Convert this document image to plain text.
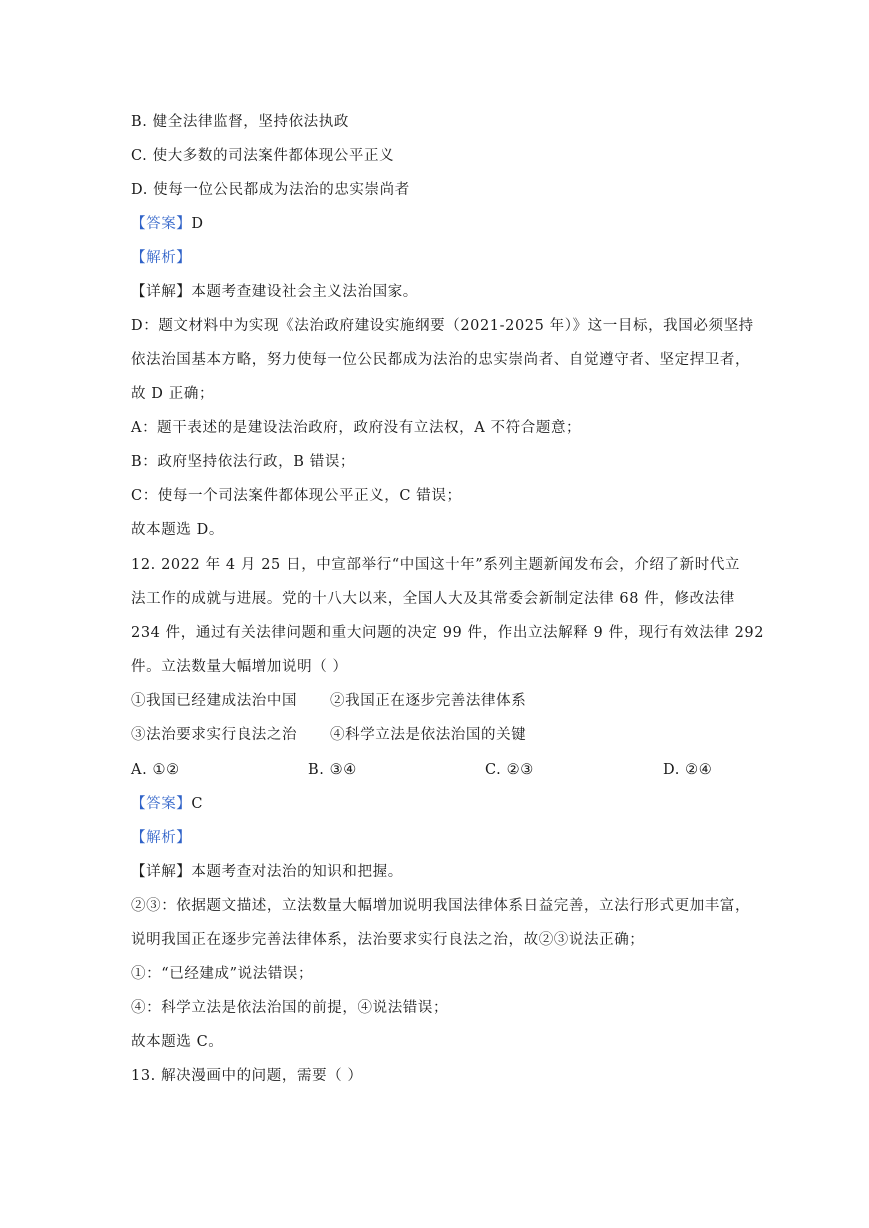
B. 健全法律监督，坚持依法执政
C. 使大多数的司法案件都体现公平正义
D. 使每一位公民都成为法治的忠实崇尚者
【答案】D
【解析】
【详解】本题考查建设社会主义法治国家。
D：题文材料中为实现《法治政府建设实施纲要（2021-2025 年）》这一目标，我国必须坚持
依法治国基本方略，努力使每一位公民都成为法治的忠实崇尚者、自觉遵守者、坚定捍卫者，
故 D 正确；
A：题干表述的是建设法治政府，政府没有立法权，A 不符合题意；
B：政府坚持依法行政，B 错误；
C：使每一个司法案件都体现公平正义，C 错误；
故本题选 D。
12. 2022 年 4 月 25 日，中宣部举行“中国这十年”系列主题新闻发布会，介绍了新时代立
法工作的成就与进展。党的十八大以来，全国人大及其常委会新制定法律 68 件，修改法律
234 件，通过有关法律问题和重大问题的决定 99 件，作出立法解释 9 件，现行有效法律 292
件。立法数量大幅增加说明（ ）
①我国已经建成法治中国 ②我国正在逐步完善法律体系
③法治要求实行良法之治 ④科学立法是依法治国的关键
A. ①②	B. ③④	C. ②③	D. ②④
【答案】C
【解析】
【详解】本题考查对法治的知识和把握。
②③：依据题文描述，立法数量大幅增加说明我国法律体系日益完善，立法行形式更加丰富，
说明我国正在逐步完善法律体系，法治要求实行良法之治，故②③说法正确；
①：“已经建成”说法错误；
④：科学立法是依法治国的前提，④说法错误；
故本题选 C。
13. 解决漫画中的问题，需要（ ）
